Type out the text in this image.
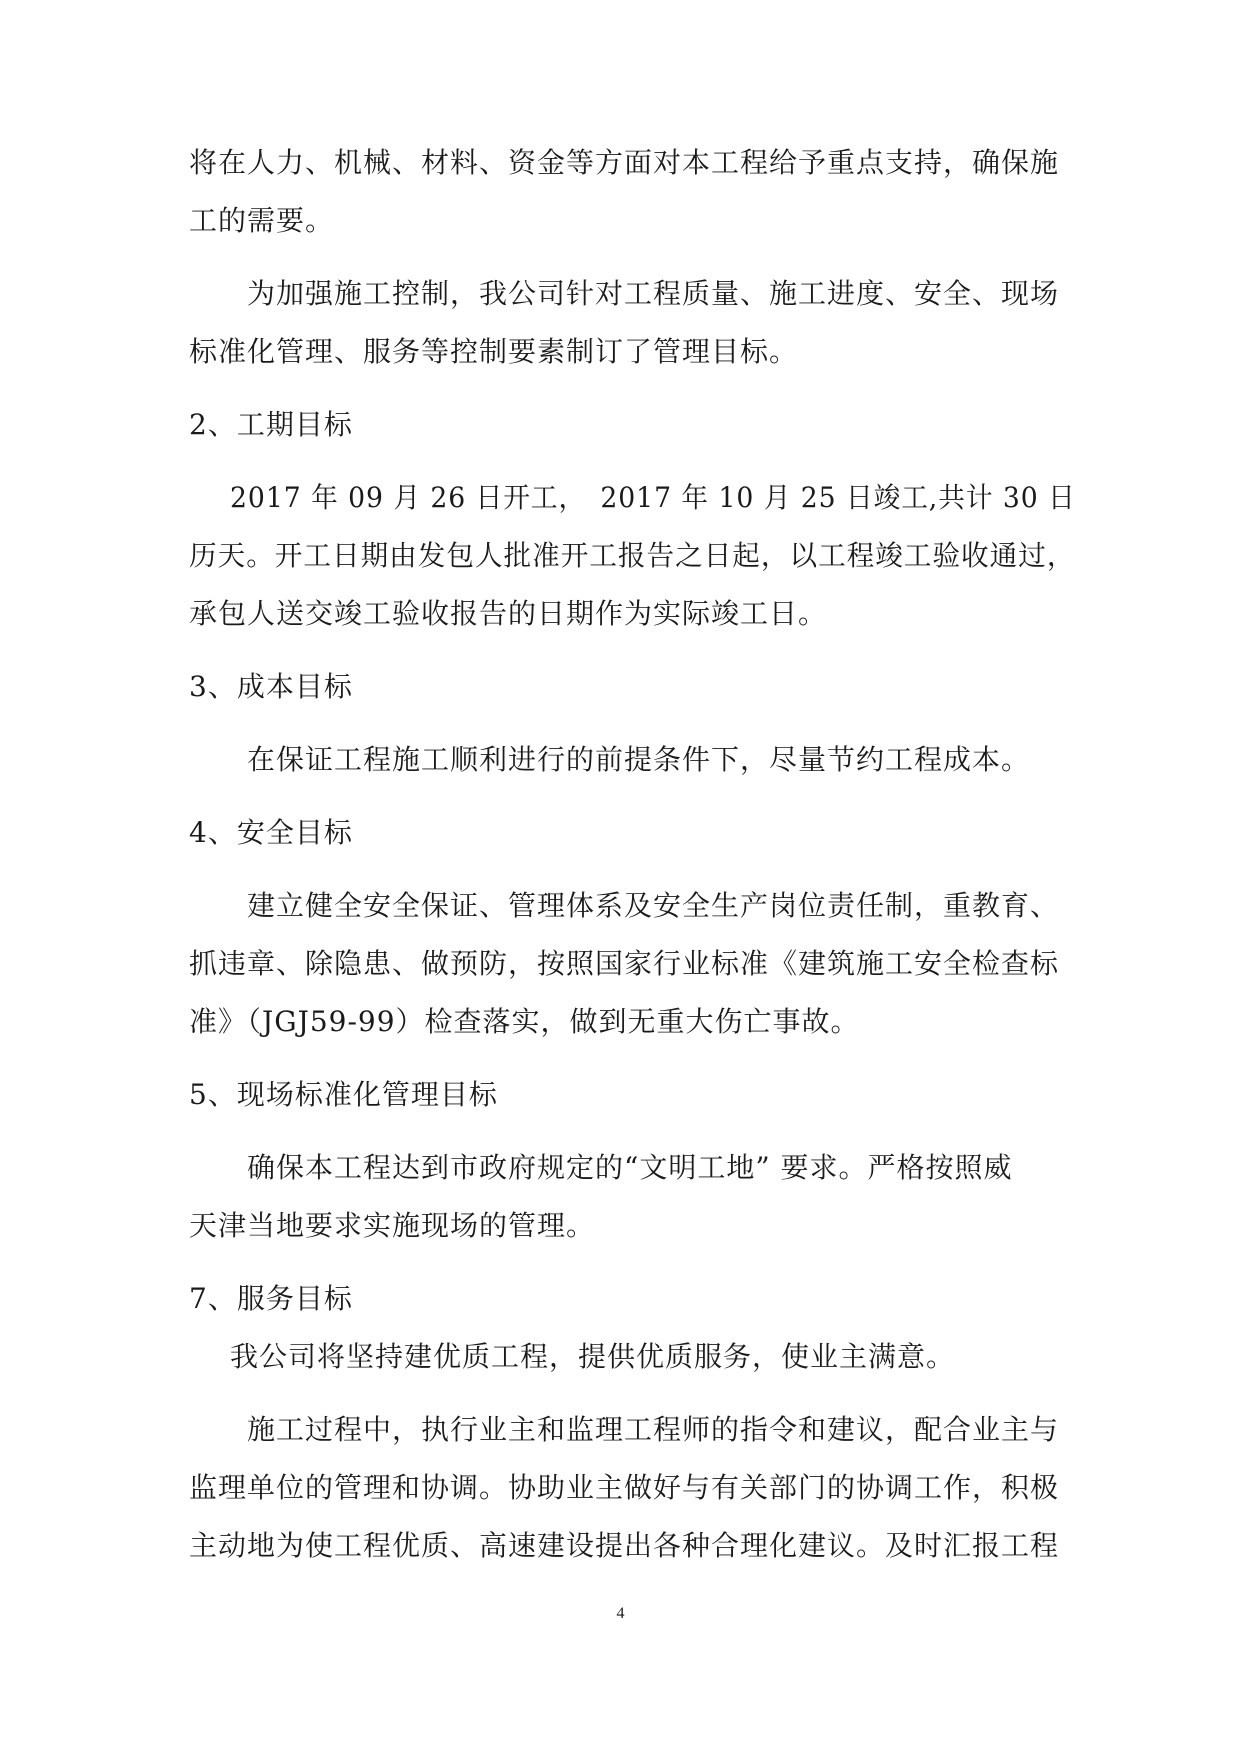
将在人力、机械、材料、资金等方面对本工程给予重点支持，确保施
工的需要。
为加强施工控制，我公司针对工程质量、施工进度、安全、现场
标准化管理、服务等控制要素制订了管理目标。
2、工期目标
2017 年 09 月 26 日开工，　2017 年 10 月 25 日竣工,共计 30 日
历天。开工日期由发包人批准开工报告之日起，以工程竣工验收通过，
承包人送交竣工验收报告的日期作为实际竣工日。
3、成本目标
在保证工程施工顺利进行的前提条件下，尽量节约工程成本。
4、安全目标
建立健全安全保证、管理体系及安全生产岗位责任制，重教育、
抓违章、除隐患、做预防，按照国家行业标准《建筑施工安全检查标
准》（JGJ59-99）检查落实，做到无重大伤亡事故。
5、现场标准化管理目标
确保本工程达到市政府规定的“文明工地” 要求。严格按照威
天津当地要求实施现场的管理。
7、服务目标
我公司将坚持建优质工程，提供优质服务，使业主满意。
施工过程中，执行业主和监理工程师的指令和建议，配合业主与
监理单位的管理和协调。协助业主做好与有关部门的协调工作，积极
主动地为使工程优质、高速建设提出各种合理化建议。及时汇报工程
4
